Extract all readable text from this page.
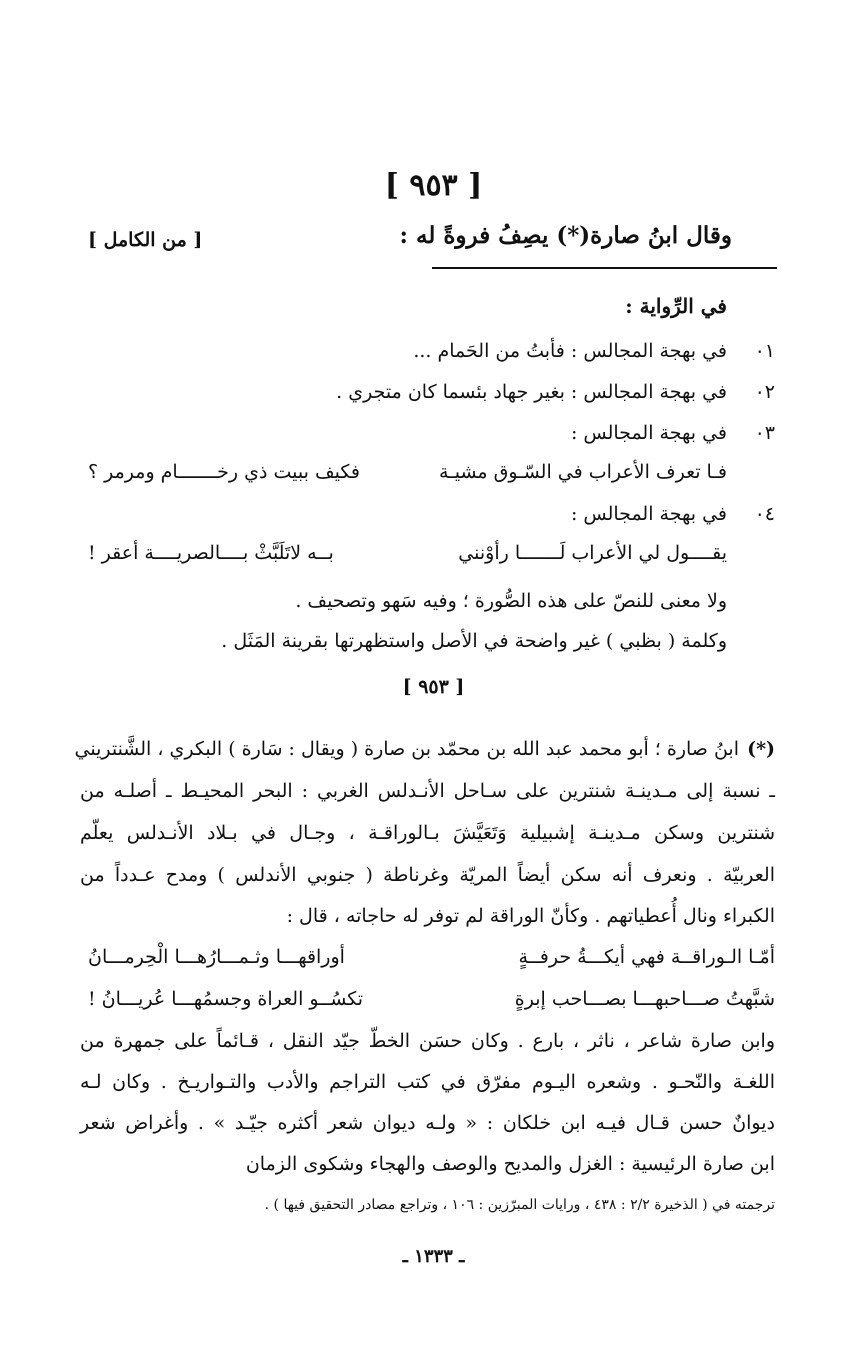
[ ٩٥٣ ]
وقال ابنُ صارة(*) يصِفُ فروةً له :
[ من الكامل ]
في الرِّواية :
٠١
في بهجة المجالس : فأبتُ من الحَمام ...
٠٢
في بهجة المجالس : بغير جهاد بئسما كان متجري .
٠٣
في بهجة المجالس :
فـا تعرف الأعراب في السّـوق مشيـة
فكيف ببيت ذي رخـــــــام ومرمر ؟
٠٤
في بهجة المجالس :
يقــــول لي الأعراب لَـــــــا رأوْنني
بــه لاتَلَبَّثْ بــــالصريــــة أعقر !
ولا معنى للنصّ على هذه الصُّورة ؛ وفيه سَهو وتصحيف .
وكلمة ( بظبي ) غير واضحة في الأصل واستظهرتها بقرينة المَثَل .
[ ٩٥٣ ]
(*)
ابنُ صارة ؛ أبو محمد عبد الله بن محمّد بن صارة ( ويقال : سَارة ) البكري ، الشَّنتريني
ـ نسبة إلى مـدينـة شنترين على سـاحل الأنـدلس الغربي : البحر المحيـط ـ أصلـه من
شنترين وسكن مـدينـة إشبيلية وَتَعَيَّشَ بـالوراقـة ، وجـال في بـلاد الأنـدلس يعلّم
العربيّة . ونعرف أنه سكن أيضاً المريّة وغرناطة ( جنوبي الأندلس ) ومدح عـدداً من
الكبراء ونال أُعطياتهم . وكأنّ الوراقة لم توفر له حاجاته ، قال :
أمّـا الـوراقــة فهي أيكـــةُ حرفــةٍ
أوراقهـــا وثـمـــارُهـــا الْحِرمـــانُ
شبَّهتُ صـــاحبهـــا بصـــاحب إبرةٍ
تكسُــو العراة وجسمُهـــا عُريـــانُ !
وابن صارة شاعر ، ناثر ، بارع . وكان حسَن الخطّ جيّد النقل ، قـائماً على جمهرة من
اللغـة والنّحـو . وشعره اليـوم مفرّق في كتب التراجم والأدب والتـواريـخ . وكان لـه
ديوانٌ حسن قـال فيـه ابن خلكان : « ولـه ديوان شعر أكثره جيّـد » . وأغراض شعر
ابن صارة الرئيسية : الغزل والمديح والوصف والهجاء وشكوى الزمان
ترجمته في ( الذخيرة ٢/٢ : ٤٣٨ ، ورايات المبرّزين : ١٠٦ ، وتراجع مصادر التحقيق فيها ) .
ـ ١٣٣٣ ـ
